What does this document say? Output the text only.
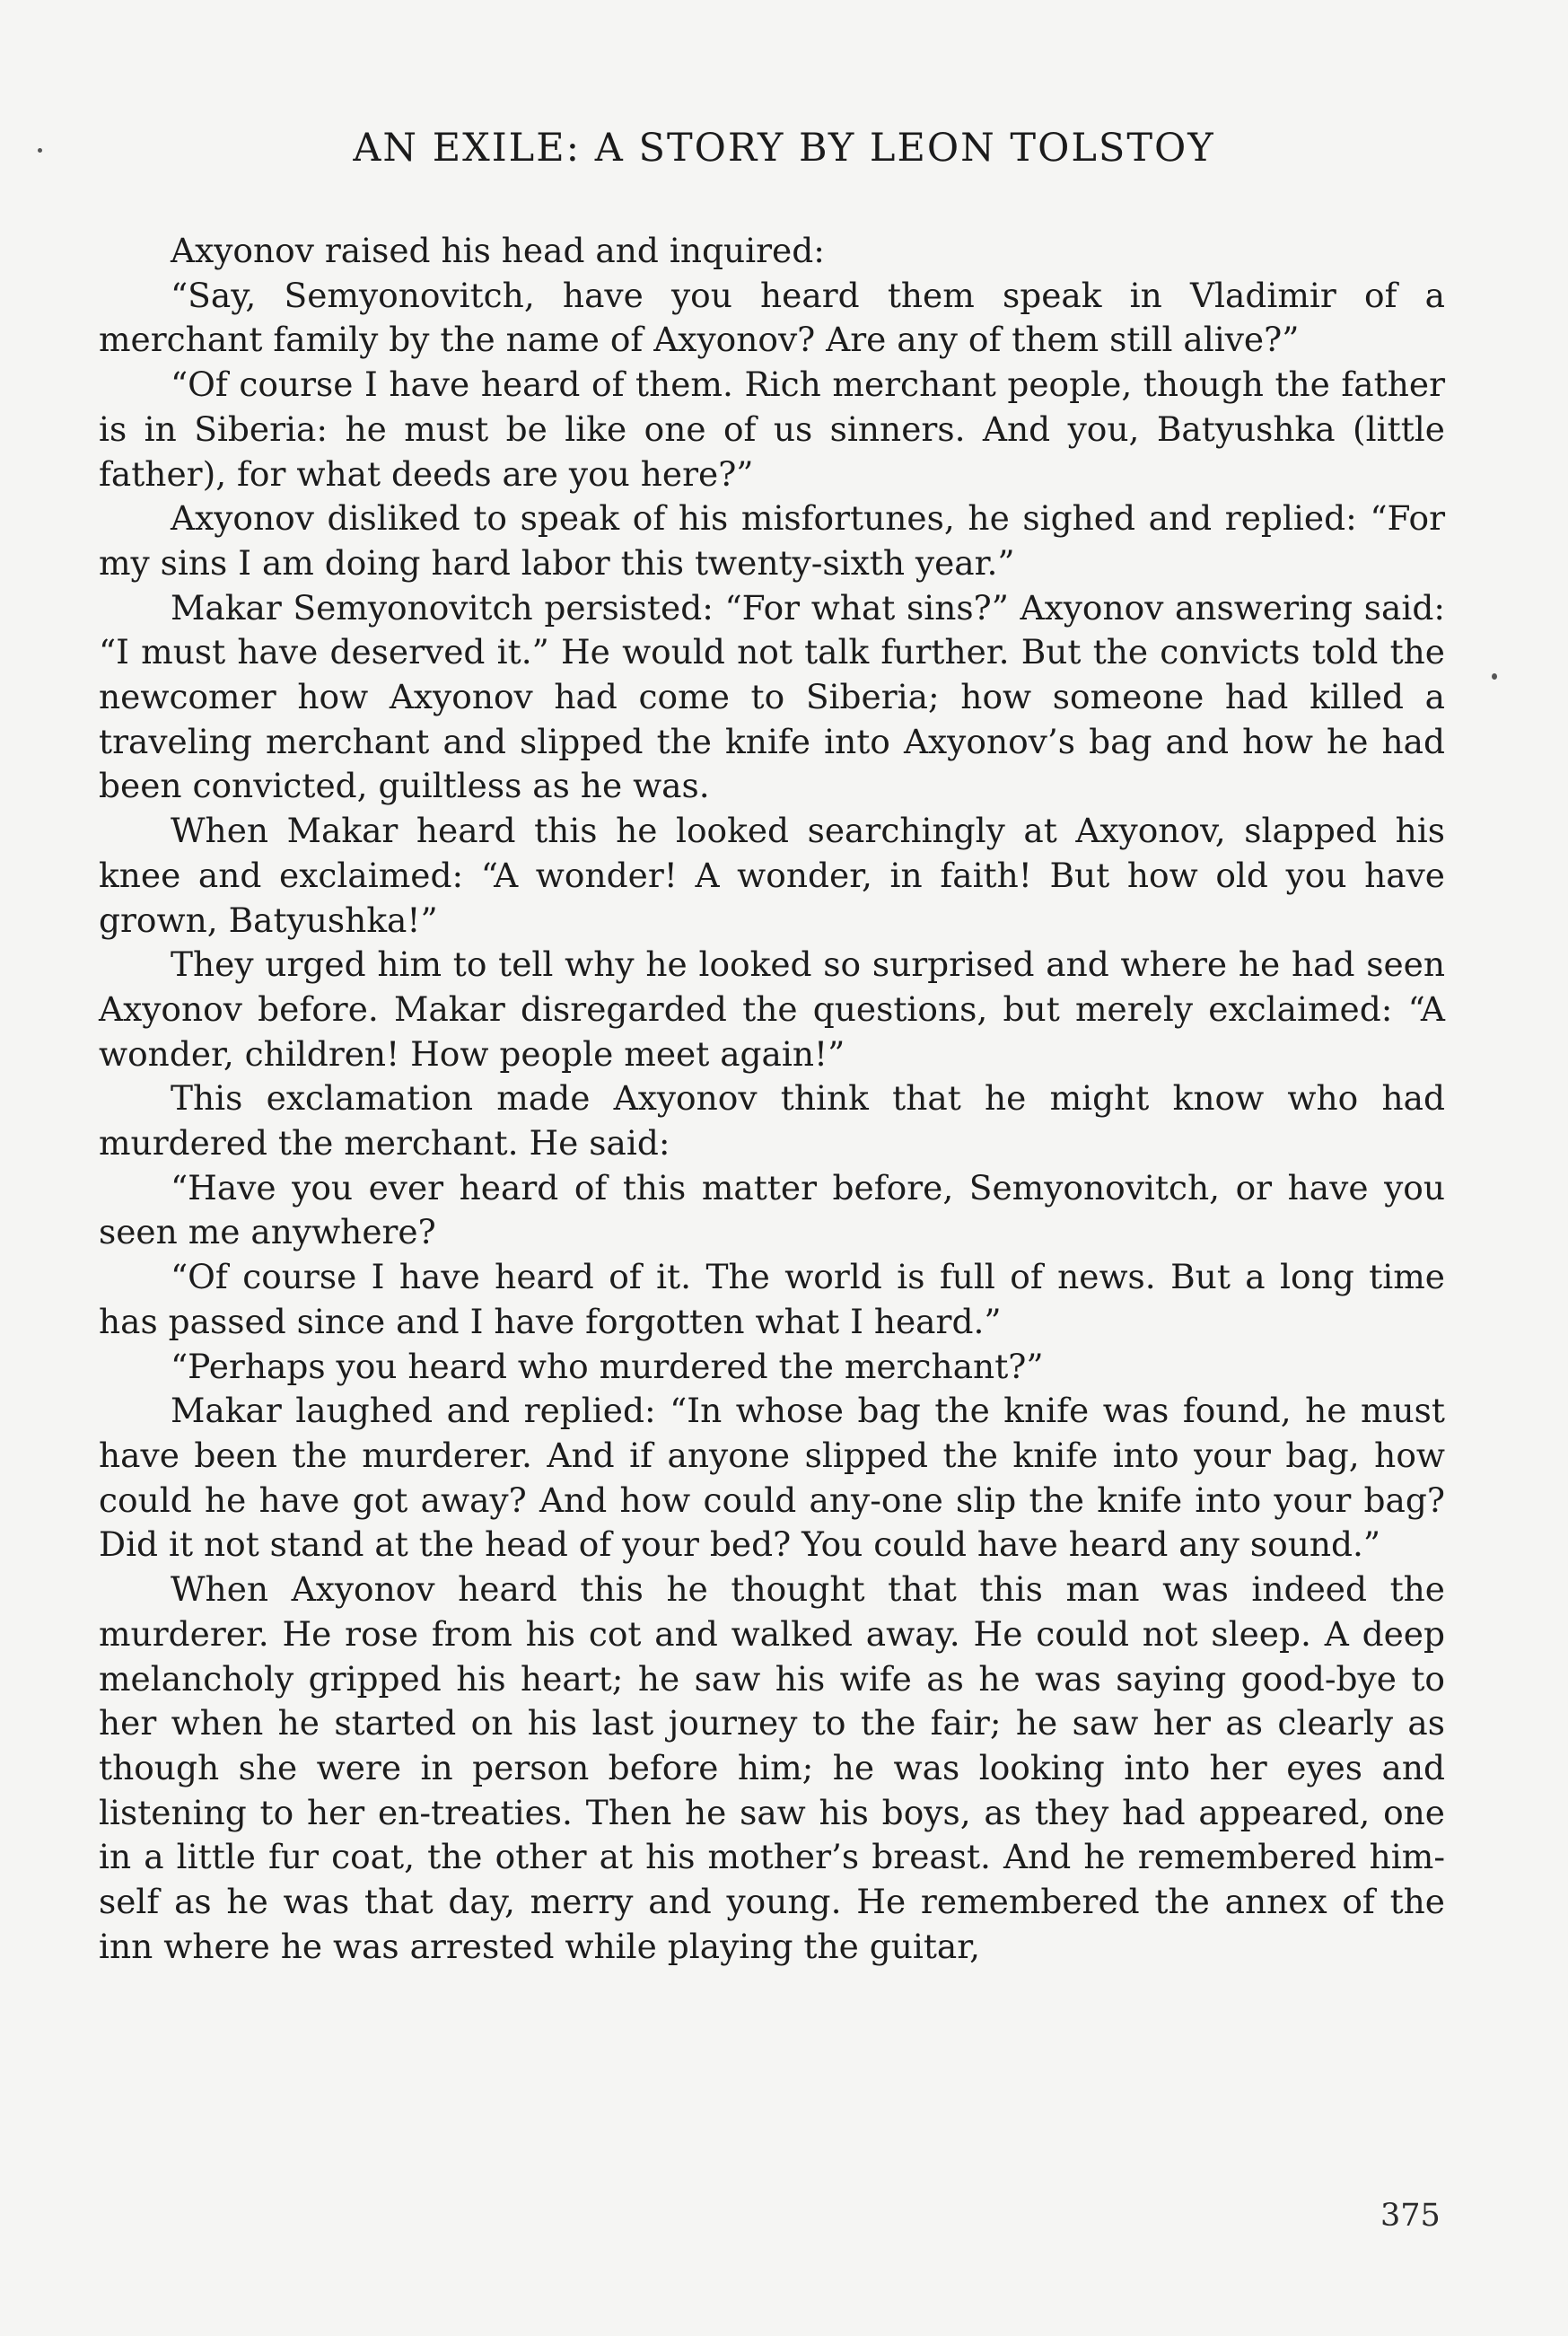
AN EXILE: A STORY BY LEON TOLSTOY

Axyonov raised his head and inquired:

“Say, Semyonovitch, have you heard them speak in Vladimir of a merchant family by the name of Axyonov? Are any of them still alive?”

“Of course I have heard of them. Rich merchant people, though the father is in Siberia: he must be like one of us sinners. And you, Batyushka (little father), for what deeds are you here?”

Axyonov disliked to speak of his misfortunes, he sighed and replied: “For my sins I am doing hard labor this twenty-sixth year.”

Makar Semyonovitch persisted: “For what sins?” Axyonov answering said: “I must have deserved it.” He would not talk further. But the convicts told the newcomer how Axyonov had come to Siberia; how someone had killed a traveling merchant and slipped the knife into Axyonov’s bag and how he had been convicted, guiltless as he was.

When Makar heard this he looked searchingly at Axyonov, slapped his knee and exclaimed: “A wonder! A wonder, in faith! But how old you have grown, Batyushka!”

They urged him to tell why he looked so surprised and where he had seen Axyonov before. Makar disregarded the questions, but merely exclaimed: “A wonder, children! How people meet again!”

This exclamation made Axyonov think that he might know who had murdered the merchant. He said:

“Have you ever heard of this matter before, Semyonovitch, or have you seen me anywhere?

“Of course I have heard of it. The world is full of news. But a long time has passed since and I have forgotten what I heard.”

“Perhaps you heard who murdered the merchant?”

Makar laughed and replied: “In whose bag the knife was found, he must have been the murderer. And if anyone slipped the knife into your bag, how could he have got away? And how could any-one slip the knife into your bag? Did it not stand at the head of your bed? You could have heard any sound.”

When Axyonov heard this he thought that this man was indeed the murderer. He rose from his cot and walked away. He could not sleep. A deep melancholy gripped his heart; he saw his wife as he was saying good-bye to her when he started on his last journey to the fair; he saw her as clearly as though she were in person before him; he was looking into her eyes and listening to her en-treaties. Then he saw his boys, as they had appeared, one in a little fur coat, the other at his mother’s breast. And he remembered him-self as he was that day, merry and young. He remembered the annex of the inn where he was arrested while playing the guitar,

375
